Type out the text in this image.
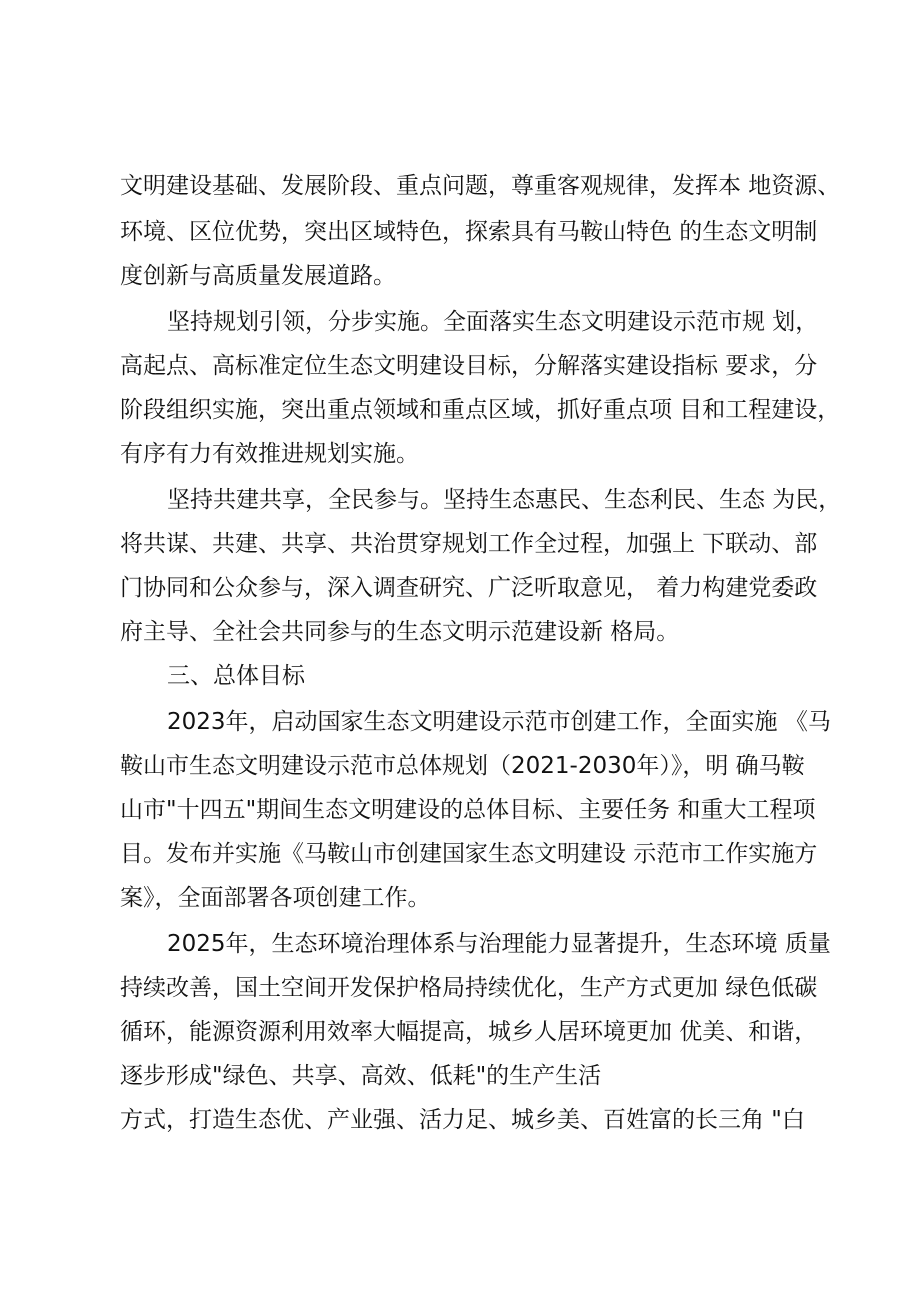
文明建设基础、发展阶段、重点问题，尊重客观规律，发挥本 地资源、
环境、区位优势，突出区域特色，探索具有马鞍山特色 的生态文明制
度创新与高质量发展道路。
坚持规划引领，分步实施。全面落实生态文明建设示范市规 划，
高起点、高标准定位生态文明建设目标，分解落实建设指标 要求，分
阶段组织实施，突出重点领域和重点区域，抓好重点项 目和工程建设，
有序有力有效推进规划实施。
坚持共建共享，全民参与。坚持生态惠民、生态利民、生态 为民，
将共谋、共建、共享、共治贯穿规划工作全过程，加强上 下联动、部
门协同和公众参与，深入调查研究、广泛听取意见， 着力构建党委政
府主导、全社会共同参与的生态文明示范建设新 格局。
三、总体目标
2023年，启动国家生态文明建设示范市创建工作，全面实施 《马
鞍山市生态文明建设示范市总体规划（2021-2030年）》，明 确马鞍
山市"十四五"期间生态文明建设的总体目标、主要任务 和重大工程项
目。发布并实施《马鞍山市创建国家生态文明建设 示范市工作实施方
案》，全面部署各项创建工作。
2025年，生态环境治理体系与治理能力显著提升，生态环境 质量
持续改善，国土空间开发保护格局持续优化，生产方式更加 绿色低碳
循环，能源资源利用效率大幅提高，城乡人居环境更加 优美、和谐，
逐步形成"绿色、共享、高效、低耗"的生产生活
方式，打造生态优、产业强、活力足、城乡美、百姓富的长三角 "白
